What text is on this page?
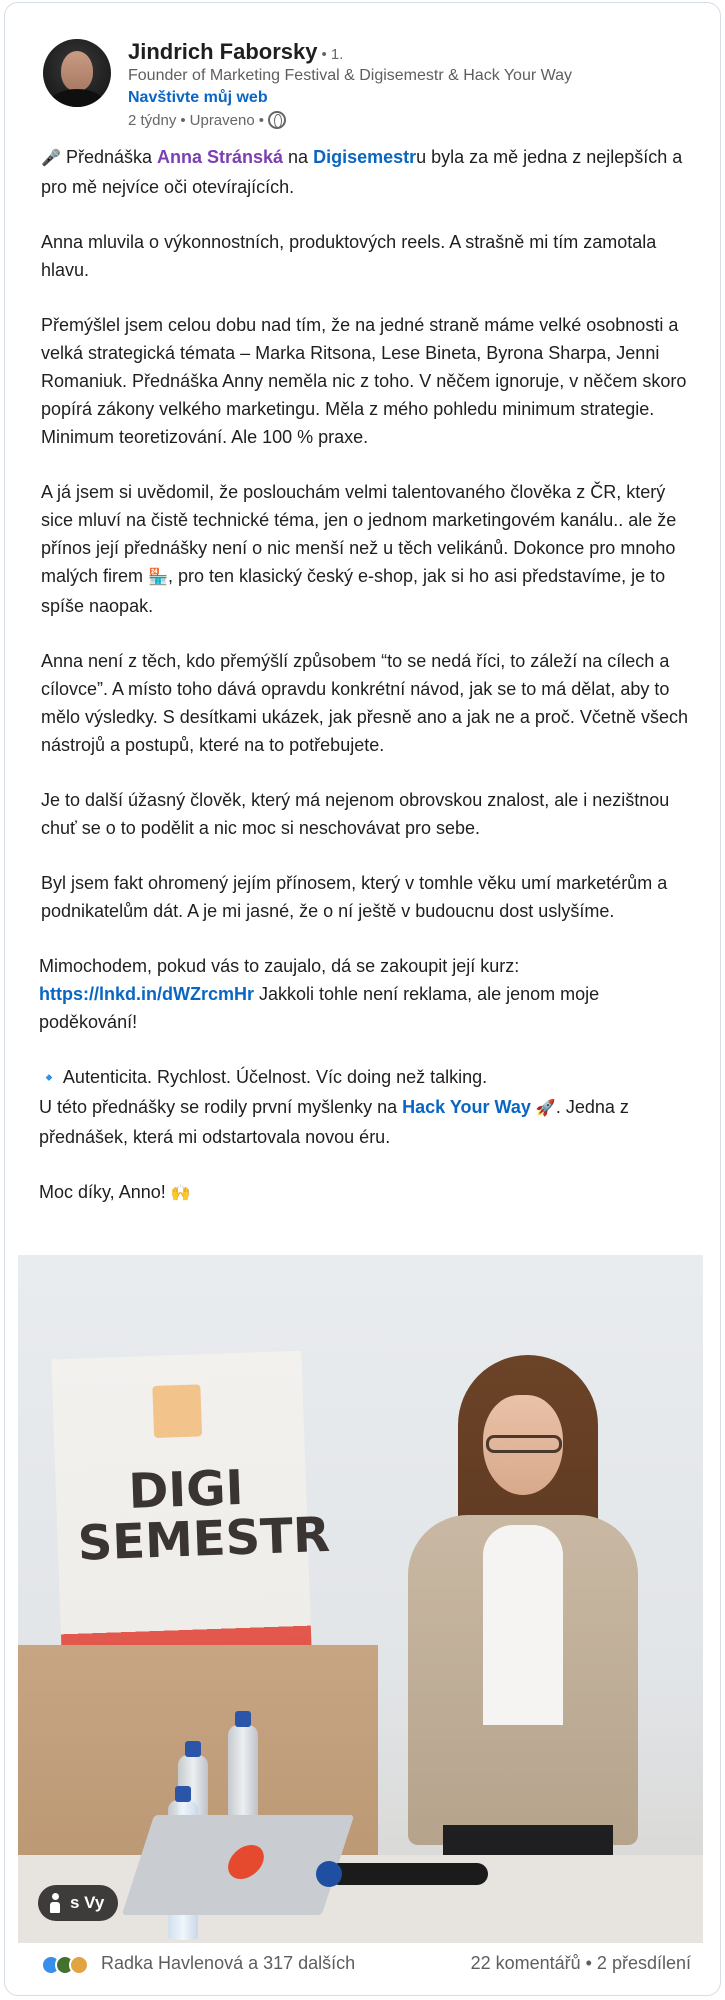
Jindrich Faborsky • 1.
Founder of Marketing Festival & Digisemestr & Hack Your Way
Navštivte můj web
2 týdny • Upraveno •

🎤 Přednáška Anna Stránská na Digisemestru byla za mě jedna z nejlepších a pro mě nejvíce oči otevírajících.

Anna mluvila o výkonnostních, produktových reels. A strašně mi tím zamotala hlavu.

Přemýšlel jsem celou dobu nad tím, že na jedné straně máme velké osobnosti a velká strategická témata – Marka Ritsona, Lese Bineta, Byrona Sharpa, Jenni Romaniuk. Přednáška Anny neměla nic z toho. V něčem ignoruje, v něčem skoro popírá zákony velkého marketingu. Měla z mého pohledu minimum strategie. Minimum teoretizování. Ale 100 % praxe.

A já jsem si uvědomil, že poslouchám velmi talentovaného člověka z ČR, který sice mluví na čistě technické téma, jen o jednom marketingovém kanálu.. ale že přínos její přednášky není o nic menší než u těch velikánů. Dokonce pro mnoho malých firem 🏪, pro ten klasický český e-shop, jak si ho asi představíme, je to spíše naopak.

Anna není z těch, kdo přemýšlí způsobem “to se nedá říci, to záleží na cílech a cílovce”. A místo toho dává opravdu konkrétní návod, jak se to má dělat, aby to mělo výsledky. S desítkami ukázek, jak přesně ano a jak ne a proč. Včetně všech nástrojů a postupů, které na to potřebujete.

Je to další úžasný člověk, který má nejenom obrovskou znalost, ale i nezištnou chuť se o to podělit a nic moc si neschovávat pro sebe.

Byl jsem fakt ohromený jejím přínosem, který v tomhle věku umí marketérům a podnikatelům dát. A je mi jasné, že o ní ještě v budoucnu dost uslyšíme.

Mimochodem, pokud vás to zaujalo, dá se zakoupit její kurz: https://lnkd.in/dWZrcmHr Jakkoli tohle není reklama, ale jenom moje poděkování!

🔹 Autenticita. Rychlost. Účelnost. Víc doing než talking.
U této přednášky se rodily první myšlenky na Hack Your Way 🚀. Jedna z přednášek, která mi odstartovala novou éru.

Moc díky, Anno! 🙌

DIGI SEMESTR
s Vy
Radka Havlenová a 317 dalších	22 komentářů • 2 přesdílení
